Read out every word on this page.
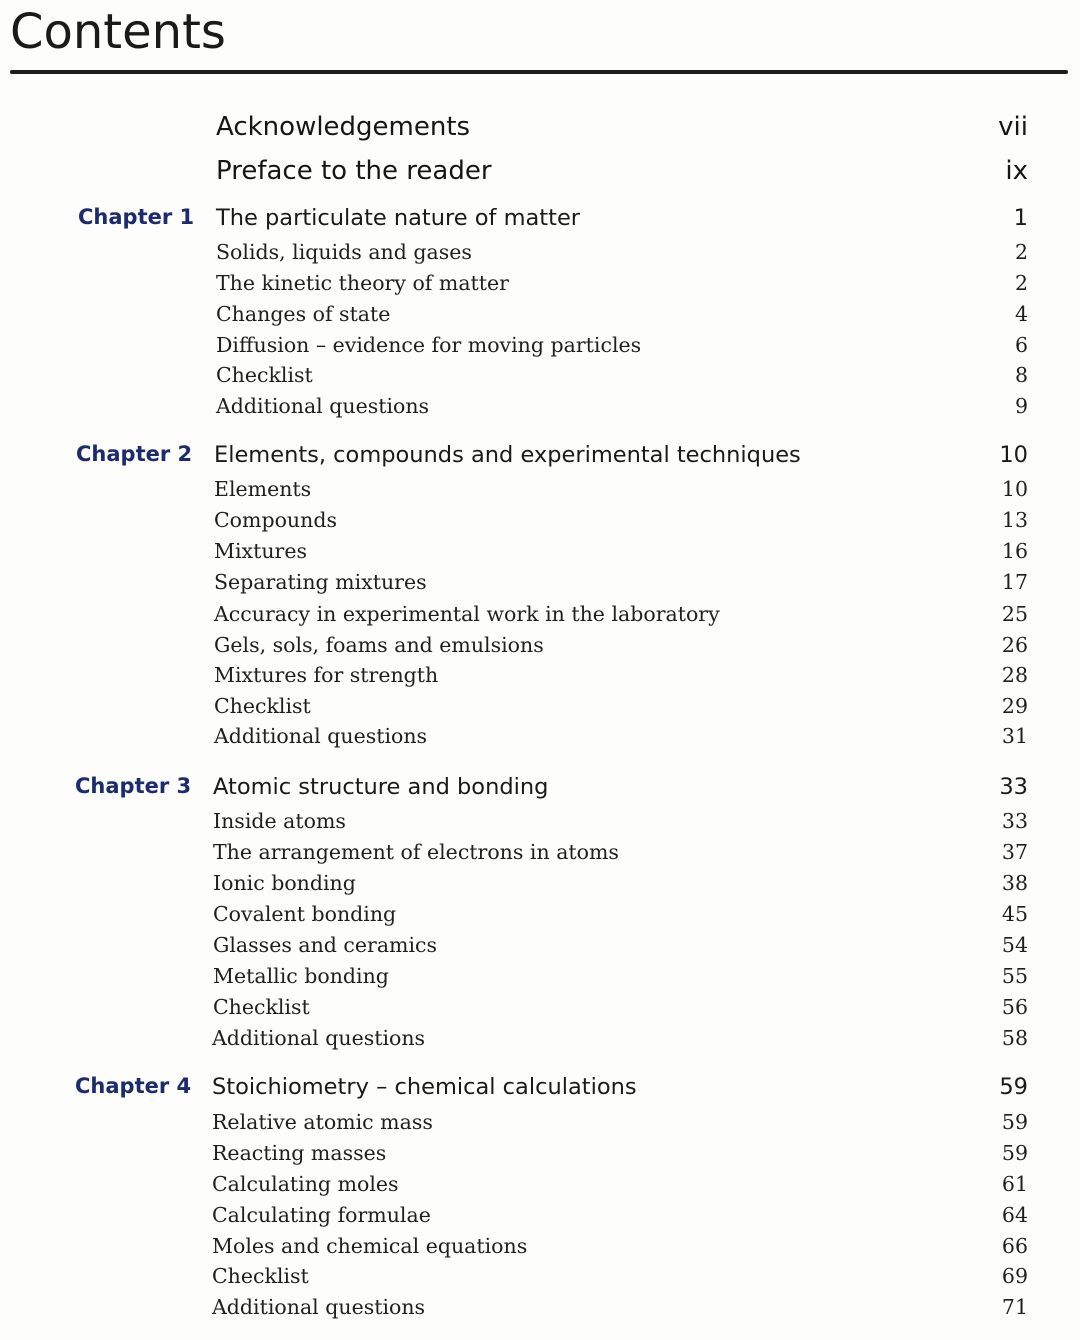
Contents
Acknowledgements	vii
Preface to the reader	ix
Chapter 1 The particulate nature of matter	1
Solids, liquids and gases	2
The kinetic theory of matter	2
Changes of state	4
Diffusion – evidence for moving particles	6
Checklist	8
Additional questions	9
Chapter 2 Elements, compounds and experimental techniques	10
Elements	10
Compounds	13
Mixtures	16
Separating mixtures	17
Accuracy in experimental work in the laboratory	25
Gels, sols, foams and emulsions	26
Mixtures for strength	28
Checklist	29
Additional questions	31
Chapter 3 Atomic structure and bonding	33
Inside atoms	33
The arrangement of electrons in atoms	37
Ionic bonding	38
Covalent bonding	45
Glasses and ceramics	54
Metallic bonding	55
Checklist	56
Additional questions	58
Chapter 4 Stoichiometry – chemical calculations	59
Relative atomic mass	59
Reacting masses	59
Calculating moles	61
Calculating formulae	64
Moles and chemical equations	66
Checklist	69
Additional questions	71
